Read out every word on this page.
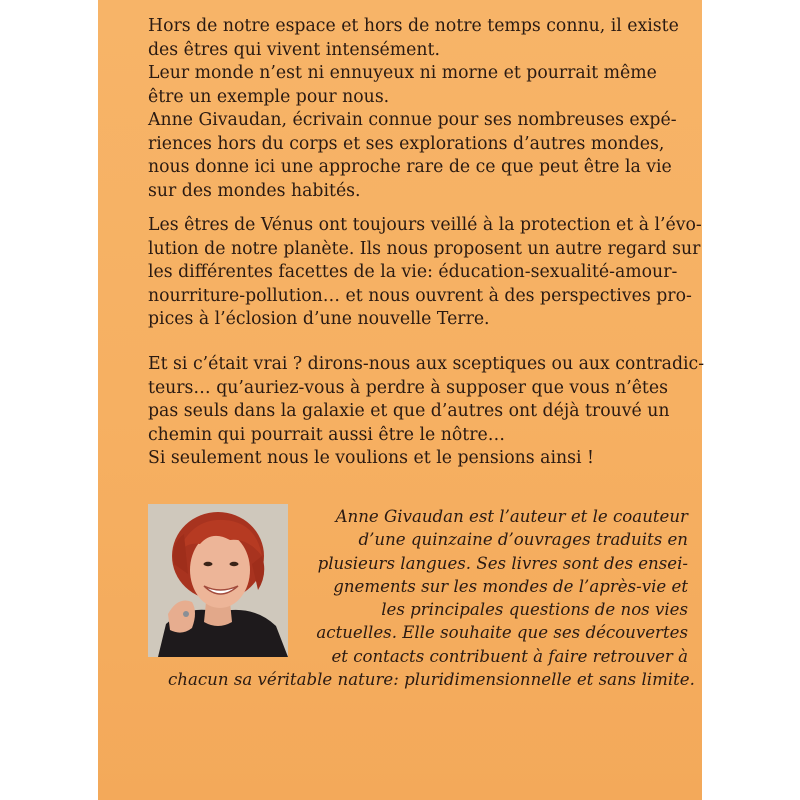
Hors de notre espace et hors de notre temps connu, il existe
des êtres qui vivent intensément.
Leur monde n’est ni ennuyeux ni morne et pourrait même
être un exemple pour nous.
Anne Givaudan, écrivain connue pour ses nombreuses expé-
riences hors du corps et ses explorations d’autres mondes,
nous donne ici une approche rare de ce que peut être la vie
sur des mondes habités.
Les êtres de Vénus ont toujours veillé à la protection et à l’évo-
lution de notre planète. Ils nous proposent un autre regard sur
les différentes facettes de la vie: éducation-sexualité-amour-
nourriture-pollution… et nous ouvrent à des perspectives pro-
pices à l’éclosion d’une nouvelle Terre.
Et si c’était vrai ? dirons-nous aux sceptiques ou aux contradic-
teurs… qu’auriez-vous à perdre à supposer que vous n’êtes
pas seuls dans la galaxie et que d’autres ont déjà trouvé un
chemin qui pourrait aussi être le nôtre…
Si seulement nous le voulions et le pensions ainsi !
Anne Givaudan est l’auteur et le coauteur
d’une quinzaine d’ouvrages traduits en
plusieurs langues. Ses livres sont des ensei-
gnements sur les mondes de l’après-vie et
les principales questions de nos vies
actuelles. Elle souhaite que ses découvertes
et contacts contribuent à faire retrouver à
chacun sa véritable nature: pluridimensionnelle et sans limite.
